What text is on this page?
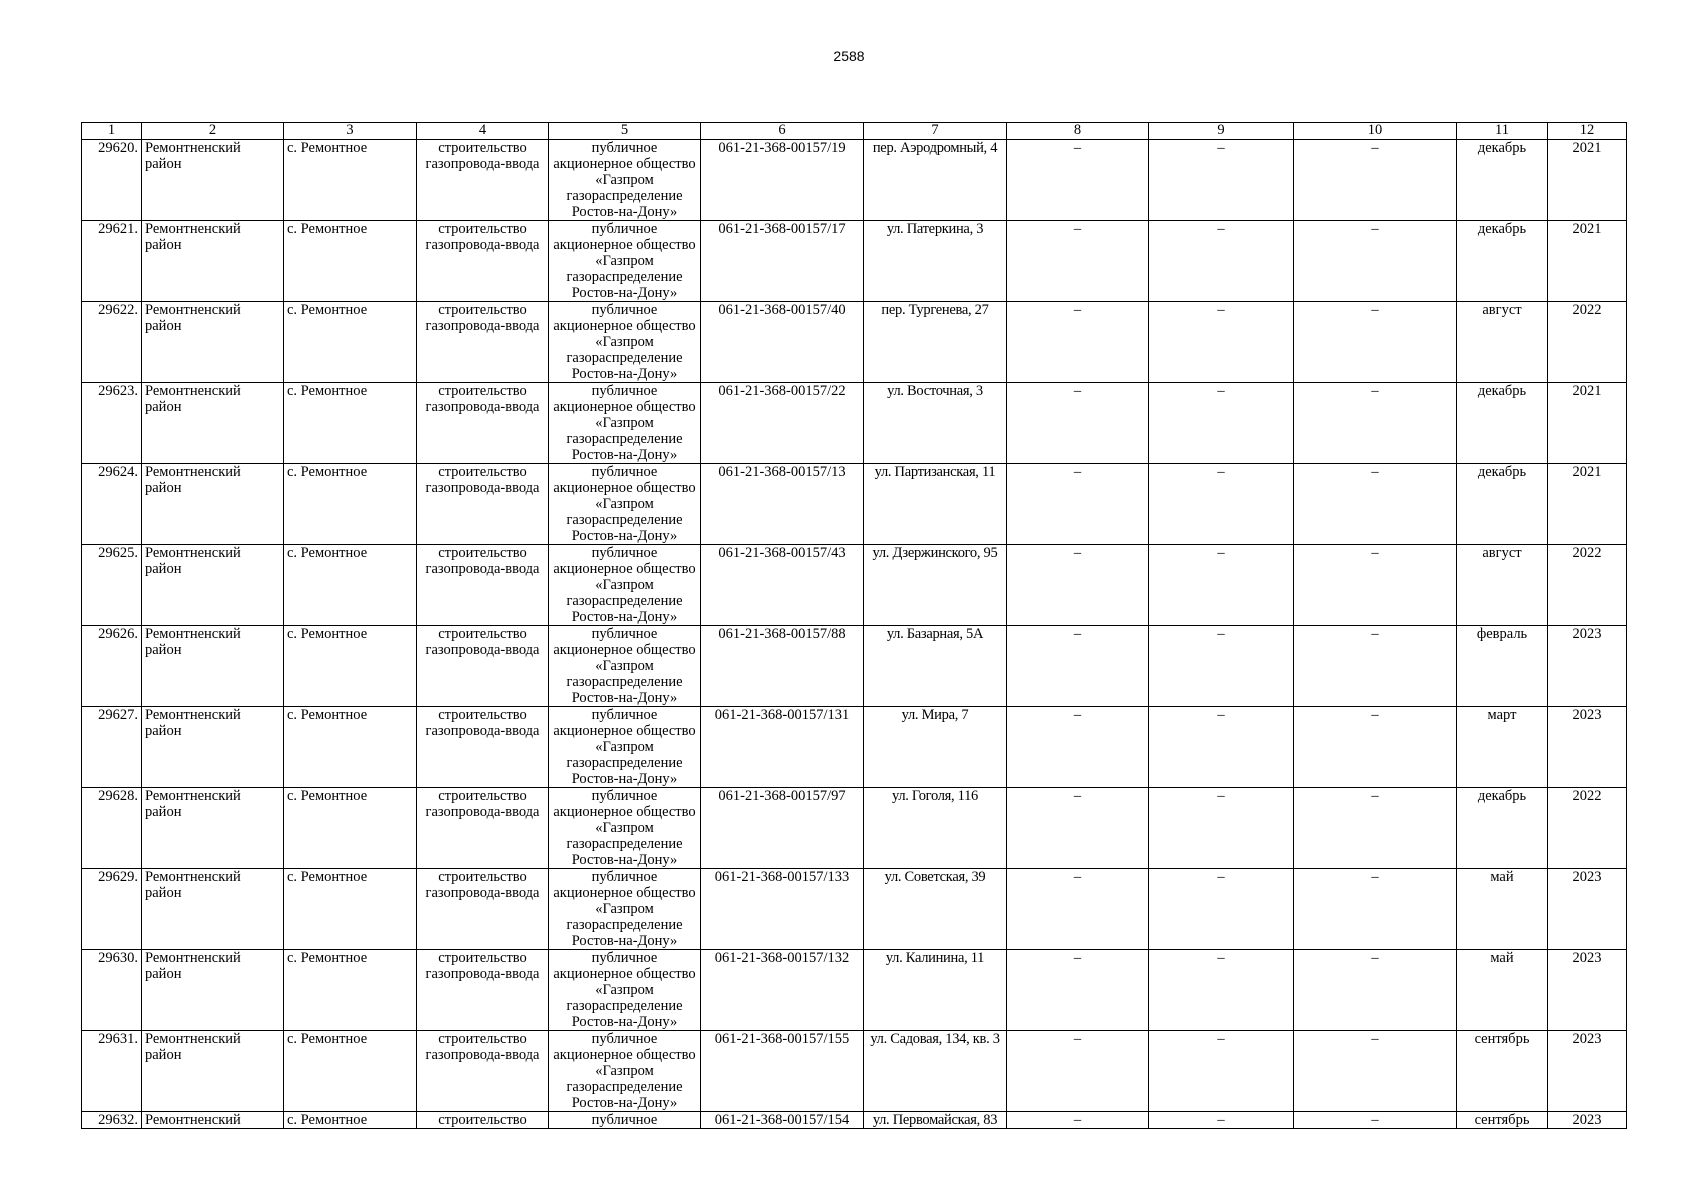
2588
1	2	3	4	5	6	7	8	9	10	11	12
29620.	Ремонтненский район	с. Ремонтное	строительство газопровода-ввода	публичное акционерное общество «Газпром газораспределение Ростов-на-Дону»	061-21-368-00157/19	пер. Аэродромный, 4	–	–	–	декабрь	2021
29621.	Ремонтненский район	с. Ремонтное	строительство газопровода-ввода	публичное акционерное общество «Газпром газораспределение Ростов-на-Дону»	061-21-368-00157/17	ул. Патеркина, 3	–	–	–	декабрь	2021
29622.	Ремонтненский район	с. Ремонтное	строительство газопровода-ввода	публичное акционерное общество «Газпром газораспределение Ростов-на-Дону»	061-21-368-00157/40	пер. Тургенева, 27	–	–	–	август	2022
29623.	Ремонтненский район	с. Ремонтное	строительство газопровода-ввода	публичное акционерное общество «Газпром газораспределение Ростов-на-Дону»	061-21-368-00157/22	ул. Восточная, 3	–	–	–	декабрь	2021
29624.	Ремонтненский район	с. Ремонтное	строительство газопровода-ввода	публичное акционерное общество «Газпром газораспределение Ростов-на-Дону»	061-21-368-00157/13	ул. Партизанская, 11	–	–	–	декабрь	2021
29625.	Ремонтненский район	с. Ремонтное	строительство газопровода-ввода	публичное акционерное общество «Газпром газораспределение Ростов-на-Дону»	061-21-368-00157/43	ул. Дзержинского, 95	–	–	–	август	2022
29626.	Ремонтненский район	с. Ремонтное	строительство газопровода-ввода	публичное акционерное общество «Газпром газораспределение Ростов-на-Дону»	061-21-368-00157/88	ул. Базарная, 5А	–	–	–	февраль	2023
29627.	Ремонтненский район	с. Ремонтное	строительство газопровода-ввода	публичное акционерное общество «Газпром газораспределение Ростов-на-Дону»	061-21-368-00157/131	ул. Мира, 7	–	–	–	март	2023
29628.	Ремонтненский район	с. Ремонтное	строительство газопровода-ввода	публичное акционерное общество «Газпром газораспределение Ростов-на-Дону»	061-21-368-00157/97	ул. Гоголя, 116	–	–	–	декабрь	2022
29629.	Ремонтненский район	с. Ремонтное	строительство газопровода-ввода	публичное акционерное общество «Газпром газораспределение Ростов-на-Дону»	061-21-368-00157/133	ул. Советская, 39	–	–	–	май	2023
29630.	Ремонтненский район	с. Ремонтное	строительство газопровода-ввода	публичное акционерное общество «Газпром газораспределение Ростов-на-Дону»	061-21-368-00157/132	ул. Калинина, 11	–	–	–	май	2023
29631.	Ремонтненский район	с. Ремонтное	строительство газопровода-ввода	публичное акционерное общество «Газпром газораспределение Ростов-на-Дону»	061-21-368-00157/155	ул. Садовая, 134, кв. 3	–	–	–	сентябрь	2023
29632.	Ремонтненский	с. Ремонтное	строительство	публичное	061-21-368-00157/154	ул. Первомайская, 83	–	–	–	сентябрь	2023
